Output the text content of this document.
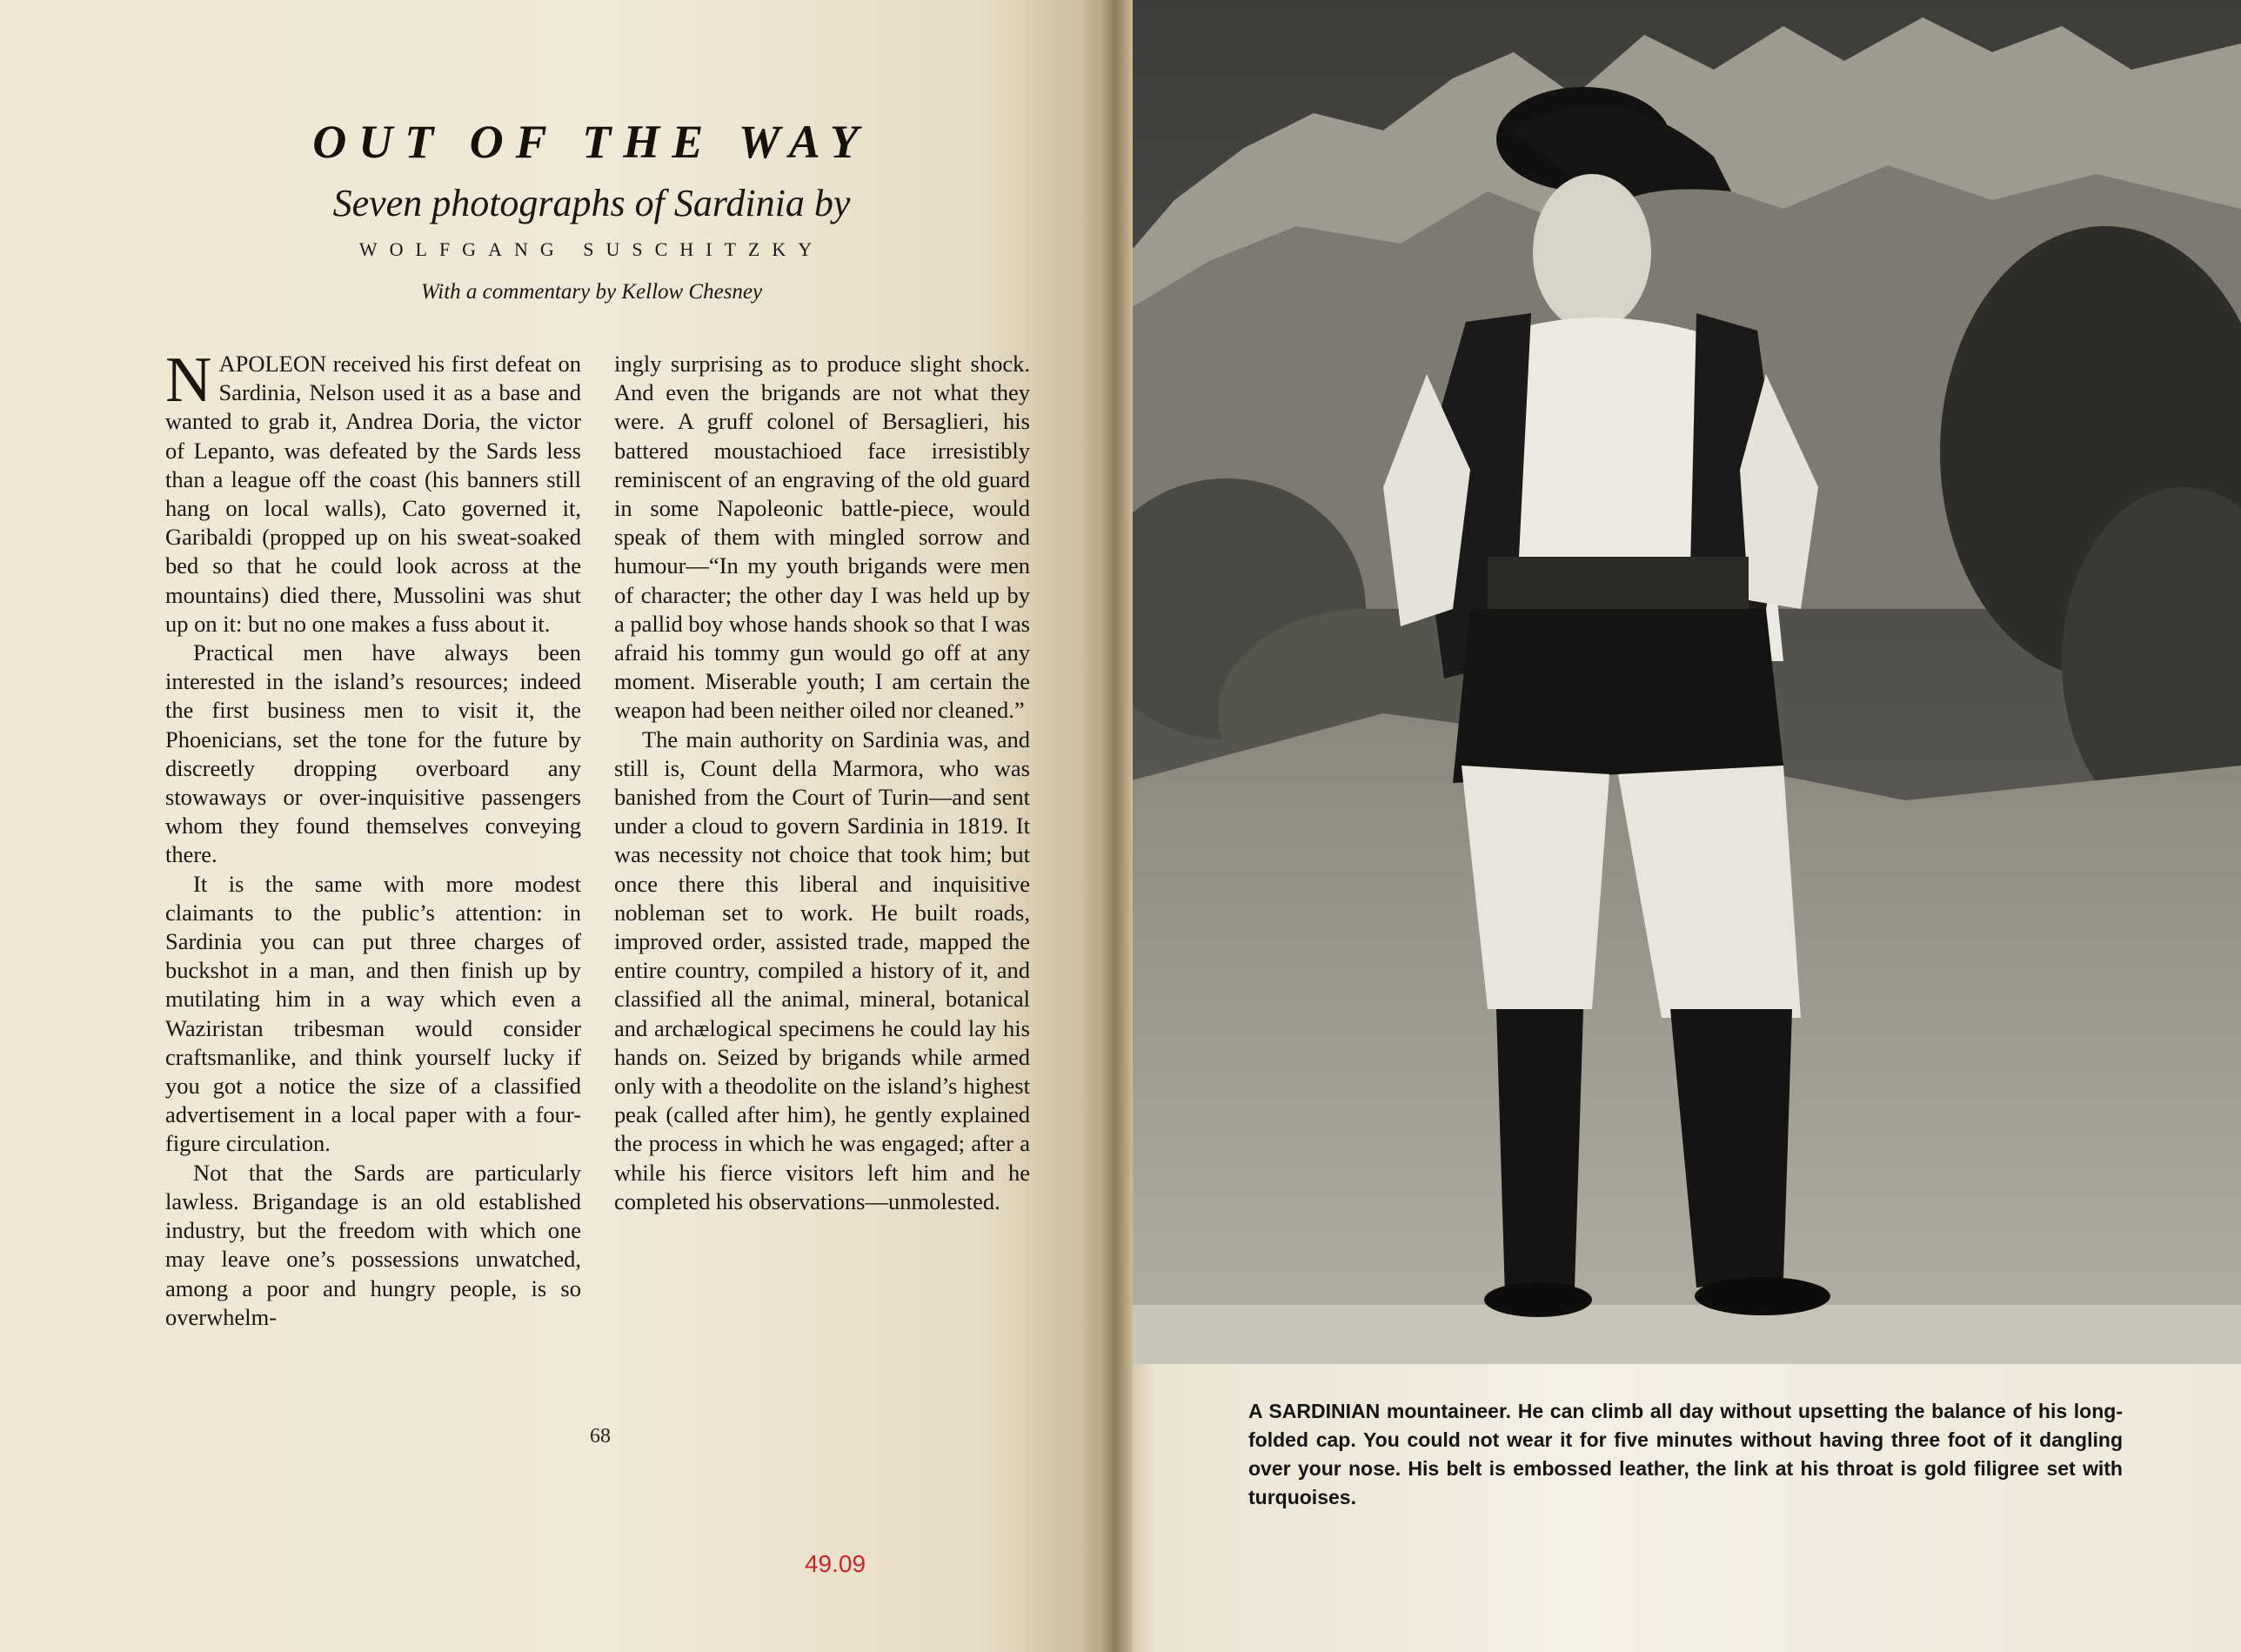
OUT OF THE WAY
Seven photographs of Sardinia by
WOLFGANG SUSCHITZKY
With a commentary by Kellow Chesney

NAPOLEON received his first defeat on Sardinia, Nelson used it as a base and wanted to grab it, Andrea Doria, the victor of Lepanto, was defeated by the Sards less than a league off the coast (his banners still hang on local walls), Cato governed it, Garibaldi (propped up on his sweat-soaked bed so that he could look across at the mountains) died there, Mussolini was shut up on it: but no one makes a fuss about it.

Practical men have always been interested in the island’s resources; indeed the first business men to visit it, the Phoenicians, set the tone for the future by discreetly dropping overboard any stowaways or over-inquisitive passengers whom they found themselves conveying there.

It is the same with more modest claimants to the public’s attention: in Sardinia you can put three charges of buckshot in a man, and then finish up by mutilating him in a way which even a Waziristan tribesman would consider craftsmanlike, and think yourself lucky if you got a notice the size of a classified advertisement in a local paper with a four-figure circulation.

Not that the Sards are particularly lawless. Brigandage is an old established industry, but the freedom with which one may leave one’s possessions unwatched, among a poor and hungry people, is so overwhelm-

ingly surprising as to produce slight shock. And even the brigands are not what they were. A gruff colonel of Bersaglieri, his battered moustachioed face irresistibly reminiscent of an engraving of the old guard in some Napoleonic battle-piece, would speak of them with mingled sorrow and humour—“In my youth brigands were men of character; the other day I was held up by a pallid boy whose hands shook so that I was afraid his tommy gun would go off at any moment. Miserable youth; I am certain the weapon had been neither oiled nor cleaned.”

The main authority on Sardinia was, and still is, Count della Marmora, who was banished from the Court of Turin—and sent under a cloud to govern Sardinia in 1819. It was necessity not choice that took him; but once there this liberal and inquisitive nobleman set to work. He built roads, improved order, assisted trade, mapped the entire country, compiled a history of it, and classified all the animal, mineral, botanical and archælogical specimens he could lay his hands on. Seized by brigands while armed only with a theodolite on the island’s highest peak (called after him), he gently explained the process in which he was engaged; after a while his fierce visitors left him and he completed his observations—unmolested.

68
49.09
A SARDINIAN mountaineer. He can climb all day without upsetting the balance of his long-folded cap. You could not wear it for five minutes without having three foot of it dangling over your nose. His belt is embossed leather, the link at his throat is gold filigree set with turquoises.
